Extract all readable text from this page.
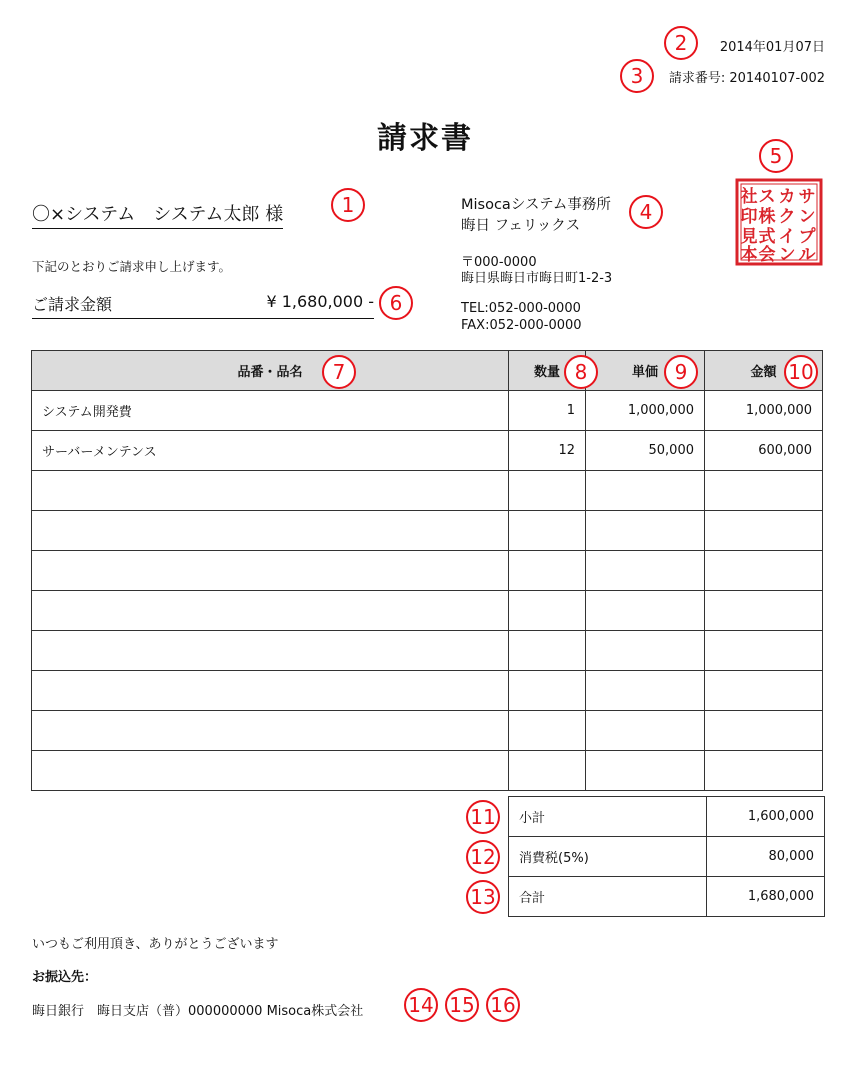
2014年01月07日
請求番号: 20140107-002
請求書
〇×システム　システム太郎 様
下記のとおりご請求申し上げます。
ご請求金額	¥ 1,680,000 -
Misocaシステム事務所
晦日 フェリックス
〒000-0000
晦日県晦日市晦日町1-2-3
TEL:052-000-0000
FAX:052-000-0000
サ
ン
プ
ル
カ
ク
イ
ン
ス
株
式
会
社
印
見
本
品番・品名	数量	単価	金額
システム開発費	1	1,000,000	1,000,000
サーバーメンテンス	12	50,000	600,000

小計	1,600,000
消費税(5%)	80,000
合計	1,680,000
いつもご利用頂き、ありがとうございます
お振込先：
晦日銀行　晦日支店（普）000000000 Misoca株式会社
1
2
3
4
5
6
7	8	9	10
11
12
13
14 15 16
